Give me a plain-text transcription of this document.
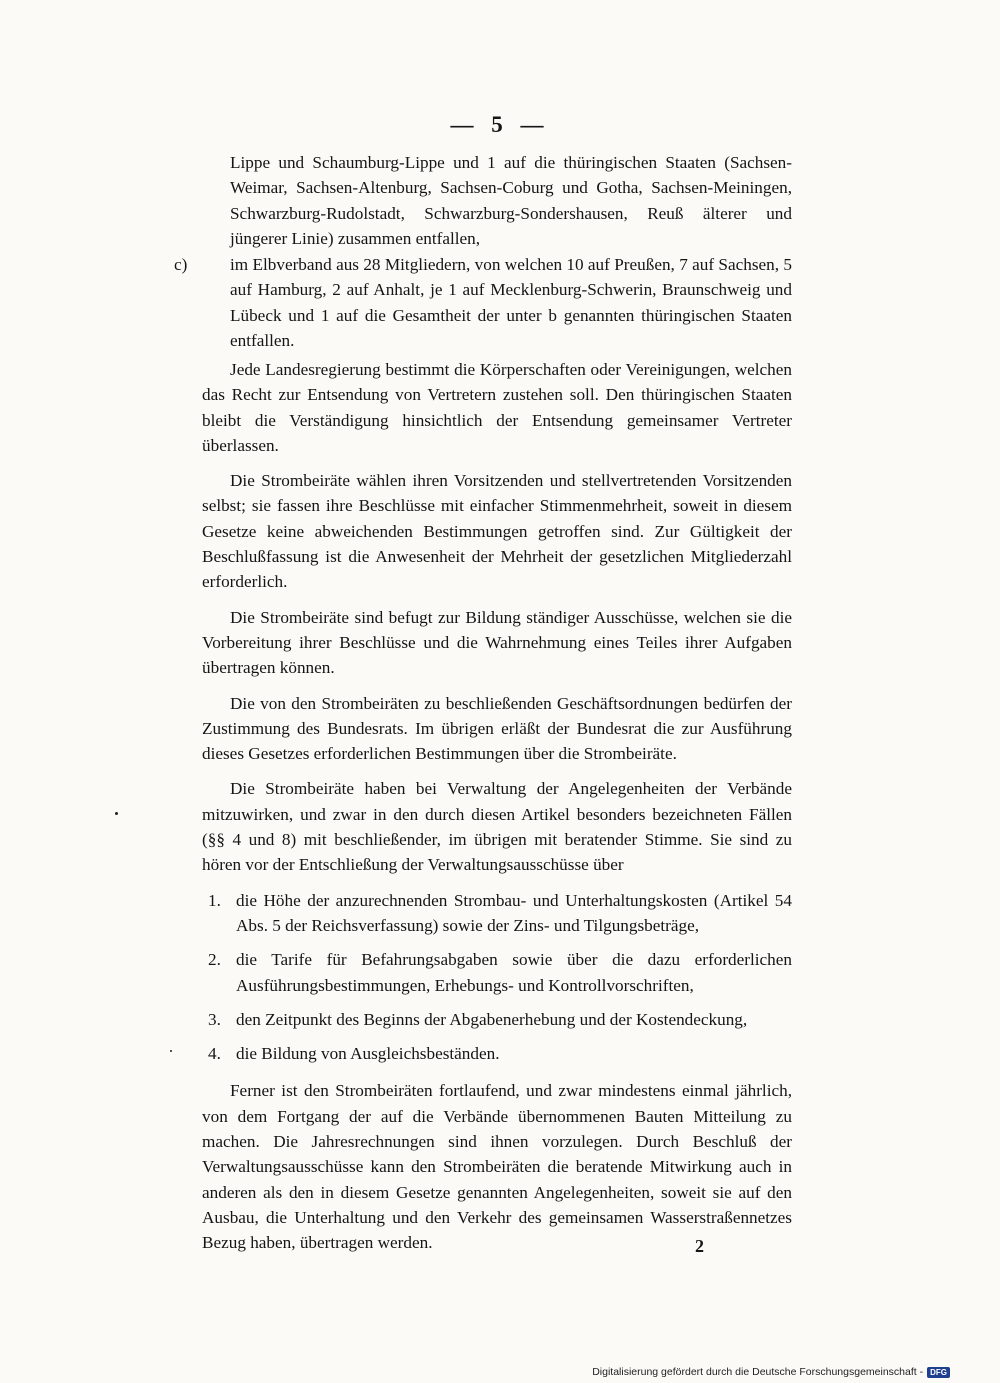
— 5 —
Lippe und Schaumburg-Lippe und 1 auf die thüringischen Staaten (Sachsen-Weimar, Sachsen-Altenburg, Sachsen-Coburg und Gotha, Sachsen-Meiningen, Schwarzburg-Rudolstadt, Schwarzburg-Sondershausen, Reuß älterer und jüngerer Linie) zusammen entfallen,
c) im Elbverband aus 28 Mitgliedern, von welchen 10 auf Preußen, 7 auf Sachsen, 5 auf Hamburg, 2 auf Anhalt, je 1 auf Mecklenburg-Schwerin, Braunschweig und Lübeck und 1 auf die Gesamtheit der unter b genannten thüringischen Staaten entfallen.

Jede Landesregierung bestimmt die Körperschaften oder Vereinigungen, welchen das Recht zur Entsendung von Vertretern zustehen soll. Den thüringischen Staaten bleibt die Verständigung hinsichtlich der Entsendung gemeinsamer Vertreter überlassen.

Die Strombeiräte wählen ihren Vorsitzenden und stellvertretenden Vorsitzenden selbst; sie fassen ihre Beschlüsse mit einfacher Stimmenmehrheit, soweit in diesem Gesetze keine abweichenden Bestimmungen getroffen sind. Zur Gültigkeit der Beschlußfassung ist die Anwesenheit der Mehrheit der gesetzlichen Mitgliederzahl erforderlich.

Die Strombeiräte sind befugt zur Bildung ständiger Ausschüsse, welchen sie die Vorbereitung ihrer Beschlüsse und die Wahrnehmung eines Teiles ihrer Aufgaben übertragen können.

Die von den Strombeiräten zu beschließenden Geschäftsordnungen bedürfen der Zustimmung des Bundesrats. Im übrigen erläßt der Bundesrat die zur Ausführung dieses Gesetzes erforderlichen Bestimmungen über die Strombeiräte.

Die Strombeiräte haben bei Verwaltung der Angelegenheiten der Verbände mitzuwirken, und zwar in den durch diesen Artikel besonders bezeichneten Fällen (§§ 4 und 8) mit beschließender, im übrigen mit beratender Stimme. Sie sind zu hören vor der Entschließung der Verwaltungsausschüsse über

1. die Höhe der anzurechnenden Strombau- und Unterhaltungskosten (Artikel 54 Abs. 5 der Reichsverfassung) sowie der Zins- und Tilgungsbeträge,
2. die Tarife für Befahrungsabgaben sowie über die dazu erforderlichen Ausführungsbestimmungen, Erhebungs- und Kontrollvorschriften,
3. den Zeitpunkt des Beginns der Abgabenerhebung und der Kostendeckung,
4. die Bildung von Ausgleichsbeständen.

Ferner ist den Strombeiräten fortlaufend, und zwar mindestens einmal jährlich, von dem Fortgang der auf die Verbände übernommenen Bauten Mitteilung zu machen. Die Jahresrechnungen sind ihnen vorzulegen. Durch Beschluß der Verwaltungsausschüsse kann den Strombeiräten die beratende Mitwirkung auch in anderen als den in diesem Gesetze genannten Angelegenheiten, soweit sie auf den Ausbau, die Unterhaltung und den Verkehr des gemeinsamen Wasserstraßennetzes Bezug haben, übertragen werden.	2
Digitalisierung gefördert durch die Deutsche Forschungsgemeinschaft - DFG
